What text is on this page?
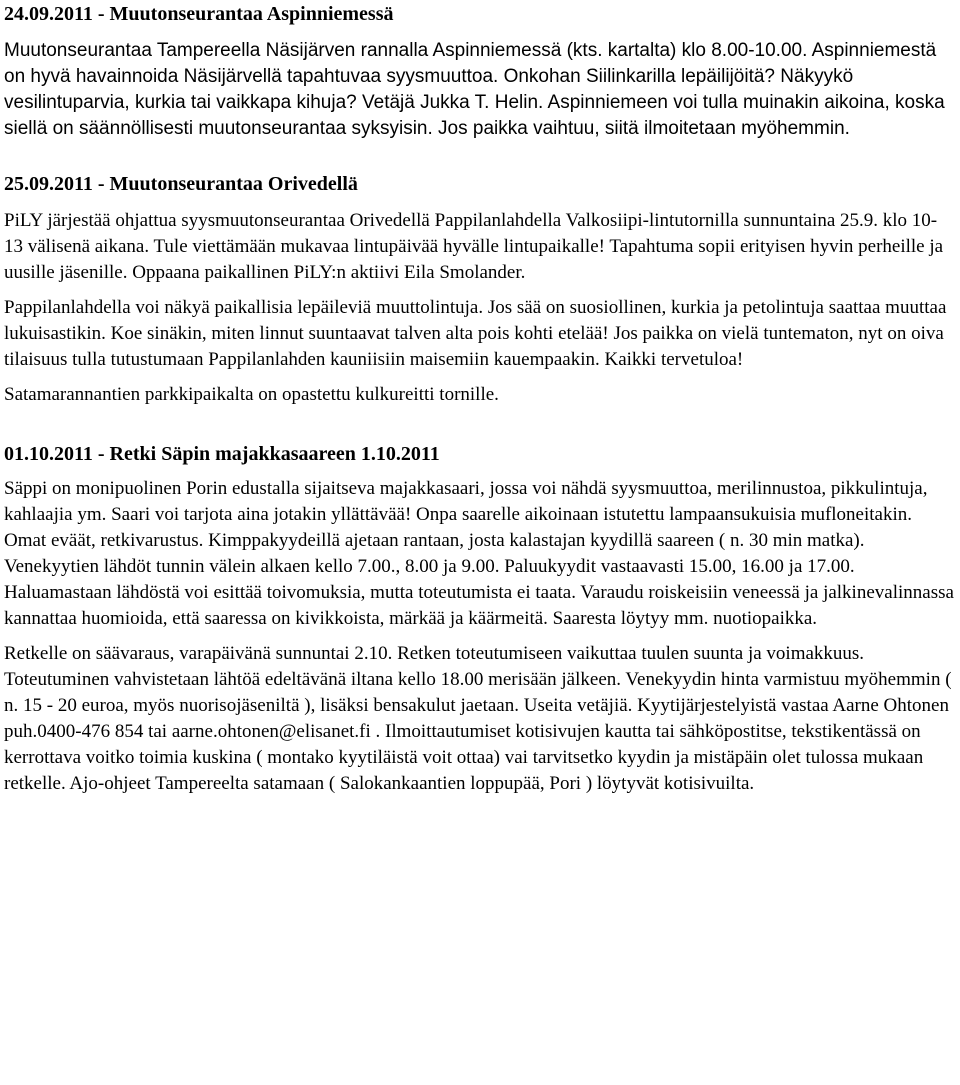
24.09.2011 - Muutonseurantaa Aspinniemessä

Muutonseurantaa Tampereella Näsijärven rannalla Aspinniemessä (kts. kartalta) klo 8.00-10.00. Aspinniemestä on hyvä havainnoida Näsijärvellä tapahtuvaa syysmuuttoa. Onkohan Siilinkarilla lepäilijöitä? Näkyykö vesilintuparvia, kurkia tai vaikkapa kihuja? Vetäjä Jukka T. Helin. Aspinniemeen voi tulla muinakin aikoina, koska siellä on säännöllisesti muutonseurantaa syksyisin. Jos paikka vaihtuu, siitä ilmoitetaan myöhemmin.

25.09.2011 - Muutonseurantaa Orivedellä

PiLY järjestää ohjattua syysmuutonseurantaa Orivedellä Pappilanlahdella Valkosiipi-lintutornilla sunnuntaina 25.9. klo 10-13 välisenä aikana. Tule viettämään mukavaa lintupäivää hyvälle lintupaikalle! Tapahtuma sopii erityisen hyvin perheille ja uusille jäsenille. Oppaana paikallinen PiLY:n aktiivi Eila Smolander.

Pappilanlahdella voi näkyä paikallisia lepäileviä muuttolintuja. Jos sää on suosiollinen, kurkia ja petolintuja saattaa muuttaa lukuisastikin. Koe sinäkin, miten linnut suuntaavat talven alta pois kohti etelää! Jos paikka on vielä tuntematon, nyt on oiva tilaisuus tulla tutustumaan Pappilanlahden kauniisiin maisemiin kauempaakin. Kaikki tervetuloa!

Satamarannantien parkkipaikalta on opastettu kulkureitti tornille.

01.10.2011 - Retki Säpin majakkasaareen 1.10.2011

Säppi on monipuolinen Porin edustalla sijaitseva majakkasaari, jossa voi nähdä syysmuuttoa, merilinnustoa, pikkulintuja, kahlaajia ym. Saari voi tarjota aina jotakin yllättävää! Onpa saarelle aikoinaan istutettu lampaansukuisia mufloneitakin. Omat eväät, retkivarustus. Kimppakyydeillä ajetaan rantaan, josta kalastajan kyydillä saareen ( n. 30 min matka). Venekyytien lähdöt tunnin välein alkaen kello 7.00., 8.00 ja 9.00. Paluukyydit vastaavasti 15.00, 16.00 ja 17.00. Haluamastaan lähdöstä voi esittää toivomuksia, mutta toteutumista ei taata. Varaudu roiskeisiin veneessä ja jalkinevalinnassa kannattaa huomioida, että saaressa on kivikkoista, märkää ja käärmeitä. Saaresta löytyy mm. nuotiopaikka.

Retkelle on säävaraus, varapäivänä sunnuntai 2.10. Retken toteutumiseen vaikuttaa tuulen suunta ja voimakkuus. Toteutuminen vahvistetaan lähtöä edeltävänä iltana kello 18.00 merisään jälkeen. Venekyydin hinta varmistuu myöhemmin ( n. 15 - 20 euroa, myös nuorisojäseniltä ), lisäksi bensakulut jaetaan. Useita vetäjiä. Kyytijärjestelyistä vastaa Aarne Ohtonen puh.0400-476 854 tai aarne.ohtonen@elisanet.fi . Ilmoittautumiset kotisivujen kautta tai sähköpostitse, tekstikentässä on kerrottava voitko toimia kuskina ( montako kyytiläistä voit ottaa) vai tarvitsetko kyydin ja mistäpäin olet tulossa mukaan retkelle. Ajo-ohjeet Tampereelta satamaan ( Salokankaantien loppupää, Pori ) löytyvät kotisivuilta.
